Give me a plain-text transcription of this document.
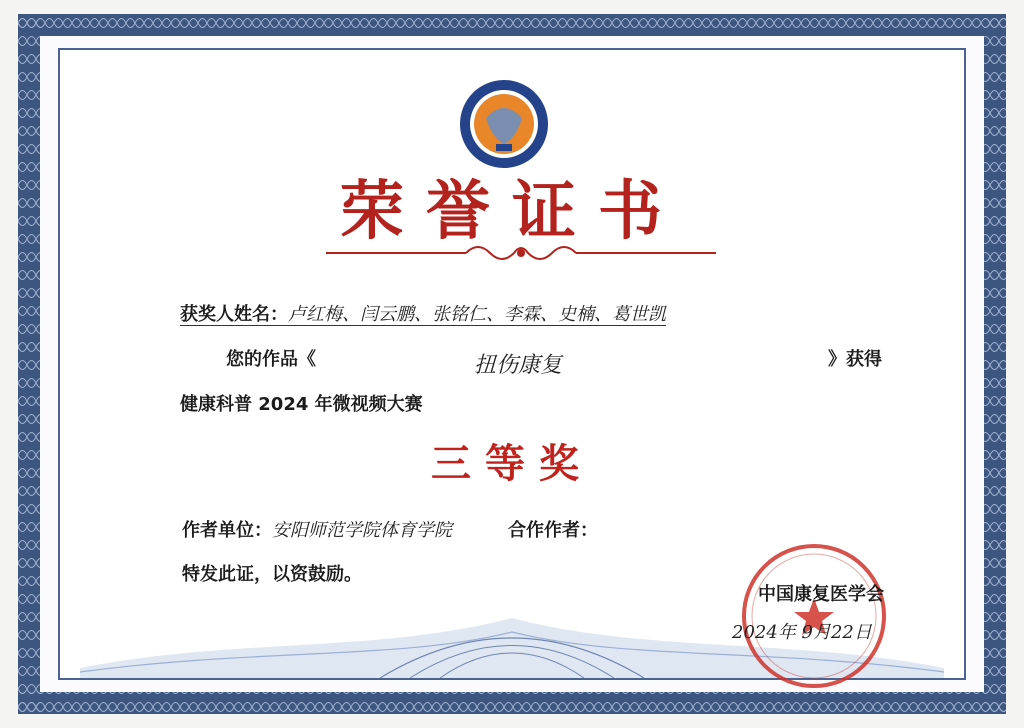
荣誉证书
获奖人姓名：卢红梅、闫云鹏、张铭仁、李霖、史楠、葛世凯
您的作品《	扭伤康复	》获得
健康科普 2024 年微视频大赛
三等奖
作者单位：安阳师范学院体育学院	合作作者：
特发此证，以资鼓励。
中国康复医学会
2024年 9月22日
